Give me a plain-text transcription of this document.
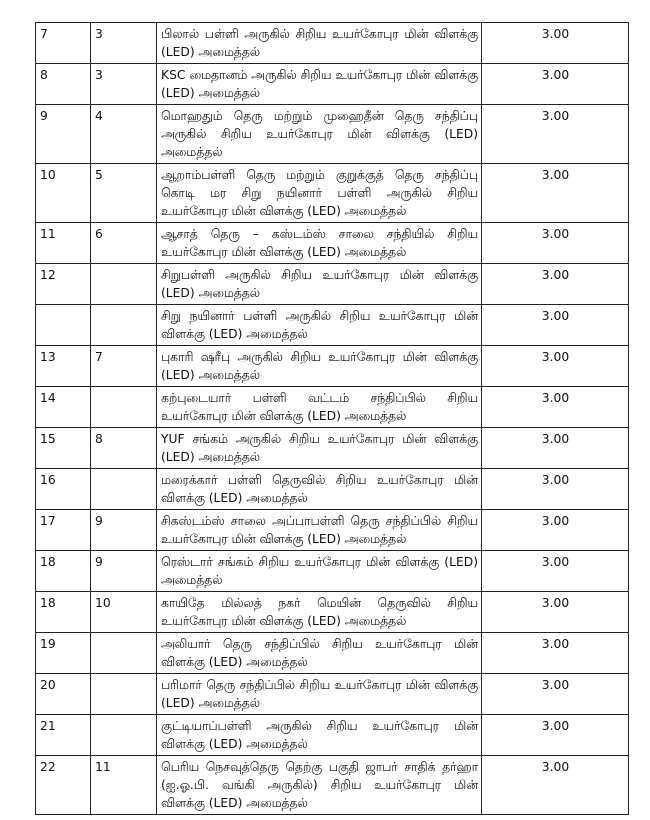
7	3	பிலால் பள்ளி அருகில் சிறிய உயர்கோபுர மின் விளக்கு (LED) அமைத்தல்	3.00
8	3	KSC மைதானம் அருகில் சிறிய உயர்கோபுர மின் விளக்கு (LED) அமைத்தல்	3.00
9	4	மொஹதும் தெரு மற்றும் முஹைதீன் தெரு சந்திப்பு அருகில் சிறிய உயர்கோபுர மின் விளக்கு (LED) அமைத்தல்	3.00
10	5	ஆறாம்பள்ளி தெரு மற்றும் குறுக்குத் தெரு சந்திப்பு கொடி மர சிறு நயினார் பள்ளி அருகில் சிறிய உயர்கோபுர மின் விளக்கு (LED) அமைத்தல்	3.00
11	6	ஆசாத் தெரு – கஸ்டம்ஸ் சாலை சந்தியில் சிறிய உயர்கோபுர மின் விளக்கு (LED) அமைத்தல்	3.00
12		சிறுபள்ளி அருகில் சிறிய உயர்கோபுர மின் விளக்கு (LED) அமைத்தல்	3.00
		சிறு நயினார் பள்ளி அருகில் சிறிய உயர்கோபுர மின் விளக்கு (LED) அமைத்தல்	3.00
13	7	புகாரி ஷரீபு அருகில் சிறிய உயர்கோபுர மின் விளக்கு (LED) அமைத்தல்	3.00
14		கற்புடையார் பள்ளி வட்டம் சந்திப்பில் சிறிய உயர்கோபுர மின் விளக்கு (LED) அமைத்தல்	3.00
15	8	YUF சங்கம் அருகில் சிறிய உயர்கோபுர மின் விளக்கு (LED) அமைத்தல்	3.00
16		மரைக்கார் பள்ளி தெருவில் சிறிய உயர்கோபுர மின் விளக்கு (LED) அமைத்தல்	3.00
17	9	சிகஸ்டம்ஸ் சாலை அப்பாபள்ளி தெரு சந்திப்பில் சிறிய உயர்கோபுர மின் விளக்கு (LED) அமைத்தல்	3.00
18	9	ரெஸ்டார் சங்கம் சிறிய உயர்கோபுர மின் விளக்கு (LED) அமைத்தல்	3.00
18	10	காயிதே மில்லத் நகர் மெயின் தெருவில் சிறிய உயர்கோபுர மின் விளக்கு (LED) அமைத்தல்	3.00
19		அலியார் தெரு சந்திப்பில் சிறிய உயர்கோபுர மின் விளக்கு (LED) அமைத்தல்	3.00
20		பரிமார் தெரு சந்திப்பில் சிறிய உயர்கோபுர மின் விளக்கு (LED) அமைத்தல்	3.00
21		குட்டியாப்பள்ளி அருகில் சிறிய உயர்கோபுர மின் விளக்கு (LED) அமைத்தல்	3.00
22	11	பெரிய நெசவுத்தெரு தெற்கு பகுதி ஜாபர் சாதிக் தர்ஹா (ஐ.ஓ.பி. வங்கி அருகில்) சிறிய உயர்கோபுர மின் விளக்கு (LED) அமைத்தல்	3.00
